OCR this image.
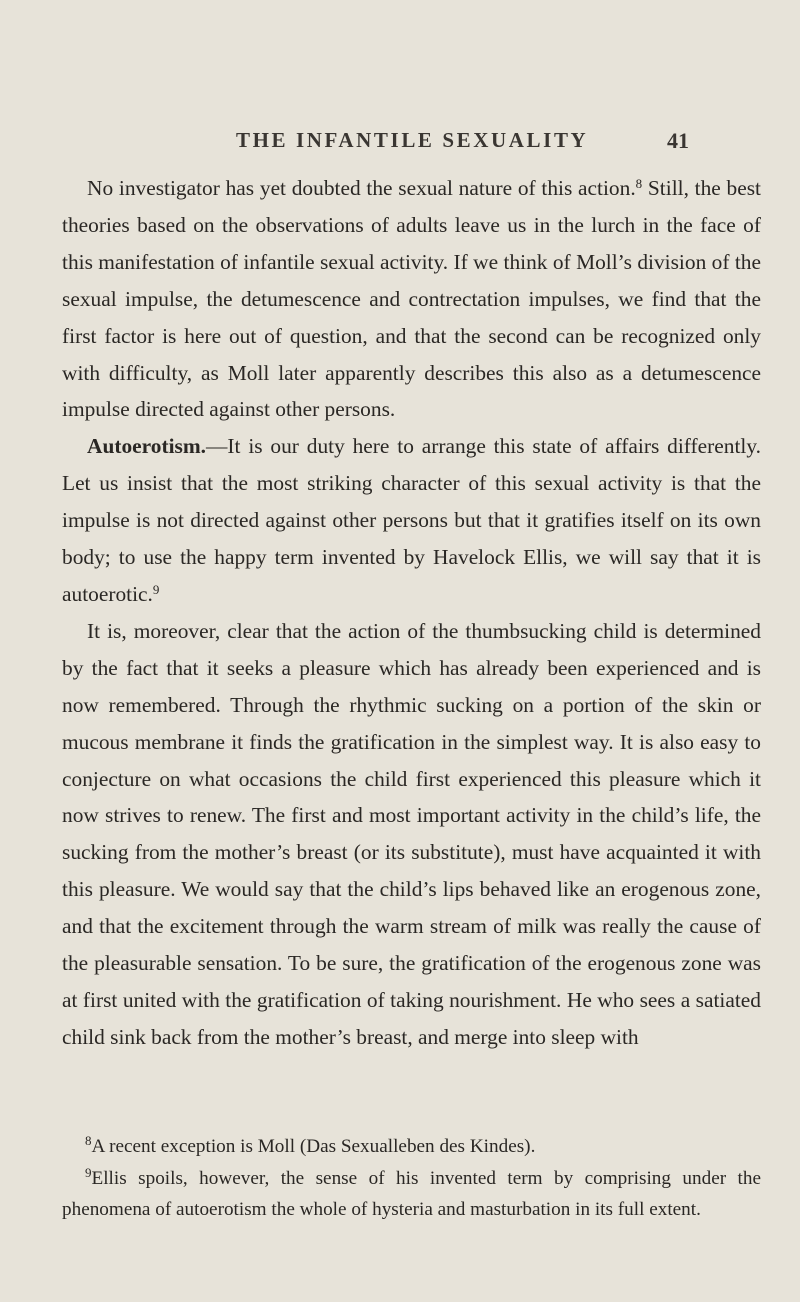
THE INFANTILE SEXUALITY	41

No investigator has yet doubted the sexual nature of this action.$^8$ Still, the best theories based on the observations of adults leave us in the lurch in the face of this manifestation of infantile sexual activity. If we think of Moll’s division of the sexual impulse, the detumescence and contrectation impulses, we find that the first factor is here out of question, and that the second can be recognized only with difficulty, as Moll later apparently describes this also as a detumescence impulse directed against other persons.

Autoerotism.—It is our duty here to arrange this state of affairs differently. Let us insist that the most striking character of this sexual activity is that the impulse is not directed against other persons but that it gratifies itself on its own body; to use the happy term invented by Havelock Ellis, we will say that it is autoerotic.$^9$

It is, moreover, clear that the action of the thumbsucking child is determined by the fact that it seeks a pleasure which has already been experienced and is now remembered. Through the rhythmic sucking on a portion of the skin or mucous membrane it finds the gratification in the simplest way. It is also easy to conjecture on what occasions the child first experienced this pleasure which it now strives to renew. The first and most important activity in the child’s life, the sucking from the mother’s breast (or its substitute), must have acquainted it with this pleasure. We would say that the child’s lips behaved like an erogenous zone, and that the excitement through the warm stream of milk was really the cause of the pleasurable sensation. To be sure, the gratification of the erogenous zone was at first united with the gratification of taking nourishment. He who sees a satiated child sink back from the mother’s breast, and merge into sleep with

$^8$A recent exception is Moll (Das Sexualleben des Kindes).

$^9$Ellis spoils, however, the sense of his invented term by comprising under the phenomena of autoerotism the whole of hysteria and masturbation in its full extent.
